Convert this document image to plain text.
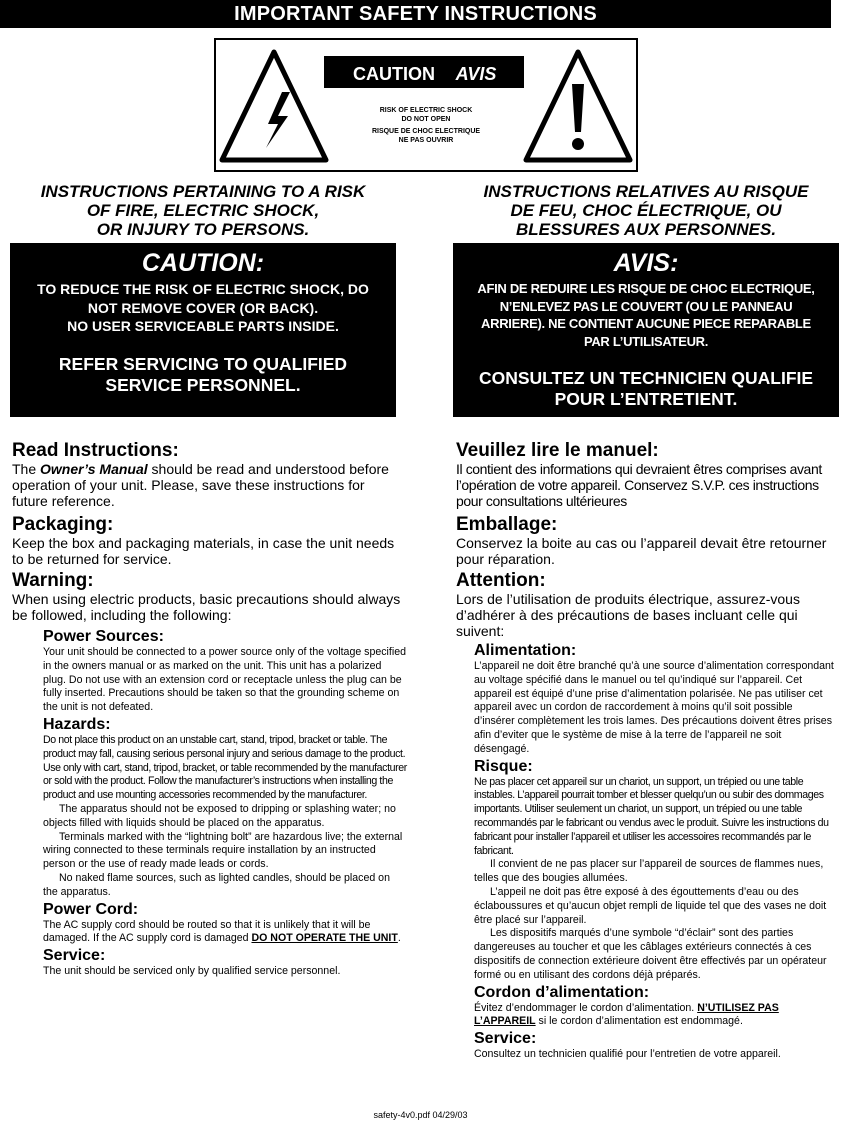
IMPORTANT SAFETY INSTRUCTIONS
CAUTION AVIS
RISK OF ELECTRIC SHOCK
DO NOT OPEN
RISQUE DE CHOC ELECTRIQUE
NE PAS OUVRIR
INSTRUCTIONS PERTAINING TO A RISK
OF FIRE, ELECTRIC SHOCK,
OR INJURY TO PERSONS.
CAUTION:
TO REDUCE THE RISK OF ELECTRIC SHOCK, DO
NOT REMOVE COVER (OR BACK).
NO USER SERVICEABLE PARTS INSIDE.
REFER SERVICING TO QUALIFIED
SERVICE PERSONNEL.
INSTRUCTIONS RELATIVES AU RISQUE
DE FEU, CHOC ÉLECTRIQUE, OU
BLESSURES AUX PERSONNES.
AVIS:
AFIN DE REDUIRE LES RISQUE DE CHOC ELECTRIQUE,
N’ENLEVEZ PAS LE COUVERT (OU LE PANNEAU
ARRIERE). NE CONTIENT AUCUNE PIECE REPARABLE
PAR L’UTILISATEUR.
CONSULTEZ UN TECHNICIEN QUALIFIE
POUR L’ENTRETIENT.
Read Instructions:
The Owner’s Manual should be read and understood before operation of your unit. Please, save these instructions for future reference.
Packaging:
Keep the box and packaging materials, in case the unit needs to be returned for service.
Warning:
When using electric products, basic precautions should always be followed, including the following:
Power Sources:
Your unit should be connected to a power source only of the voltage specified in the owners manual or as marked on the unit. This unit has a polarized plug. Do not use with an extension cord or receptacle unless the plug can be fully inserted. Precautions should be taken so that the grounding scheme on the unit is not defeated.
Hazards:
Do not place this product on an unstable cart, stand, tripod, bracket or table. The product may fall, causing serious personal injury and serious damage to the product. Use only with cart, stand, tripod, bracket, or table recommended by the manufacturer or sold with the product. Follow the manufacturer’s instructions when installing the product and use mounting accessories recommended by the manufacturer.
The apparatus should not be exposed to dripping or splashing water; no objects filled with liquids should be placed on the apparatus.
Terminals marked with the “lightning bolt” are hazardous live; the external wiring connected to these terminals require installation by an instructed person or the use of ready made leads or cords.
No naked flame sources, such as lighted candles, should be placed on the apparatus.
Power Cord:
The AC supply cord should be routed so that it is unlikely that it will be damaged. If the AC supply cord is damaged DO NOT OPERATE THE UNIT.
Service:
The unit should be serviced only by qualified service personnel.
Veuillez lire le manuel:
Il contient des informations qui devraient êtres comprises avant l’opération de votre appareil. Conservez S.V.P. ces instructions pour consultations ultérieures
Emballage:
Conservez la boite au cas ou l’appareil devait être retourner pour réparation.
Attention:
Lors de l’utilisation de produits électrique, assurez-vous d’adhérer à des précautions de bases incluant celle qui suivent:
Alimentation:
L’appareil ne doit être branché qu’à une source d’alimentation correspondant au voltage spécifié dans le manuel ou tel qu’indiqué sur l’appareil. Cet appareil est équipé d’une prise d’alimentation polarisée. Ne pas utiliser cet appareil avec un cordon de raccordement à moins qu’il soit possible d’insérer complètement les trois lames. Des précautions doivent êtres prises afin d’eviter que le système de mise à la terre de l’appareil ne soit désengagé.
Risque:
Ne pas placer cet appareil sur un chariot, un support, un trépied ou une table instables. L’appareil pourrait tomber et blesser quelqu’un ou subir des dommages importants. Utiliser seulement un chariot, un support, un trépied ou une table recommandés par le fabricant ou vendus avec le produit. Suivre les instructions du fabricant pour installer l’appareil et utiliser les accessoires recommandés par le fabricant.
Il convient de ne pas placer sur l’appareil de sources de flammes nues, telles que des bougies allumées.
L’appeil ne doit pas être exposé à des égouttements d’eau ou des éclaboussures et qu’aucun objet rempli de liquide tel que des vases ne doit être placé sur l’appareil.
Les dispositifs marqués d’une symbole “d’éclair” sont des parties dangereuses au toucher et que les câblages extérieurs connectés à ces dispositifs de connection extérieure doivent être effectivés par un opérateur formé ou en utilisant des cordons déjà préparés.
Cordon d’alimentation:
Évitez d’endommager le cordon d’alimentation. N’UTILISEZ PAS L’APPAREIL si le cordon d’alimentation est endommagé.
Service:
Consultez un technicien qualifié pour l’entretien de votre appareil.
safety-4v0.pdf 04/29/03
